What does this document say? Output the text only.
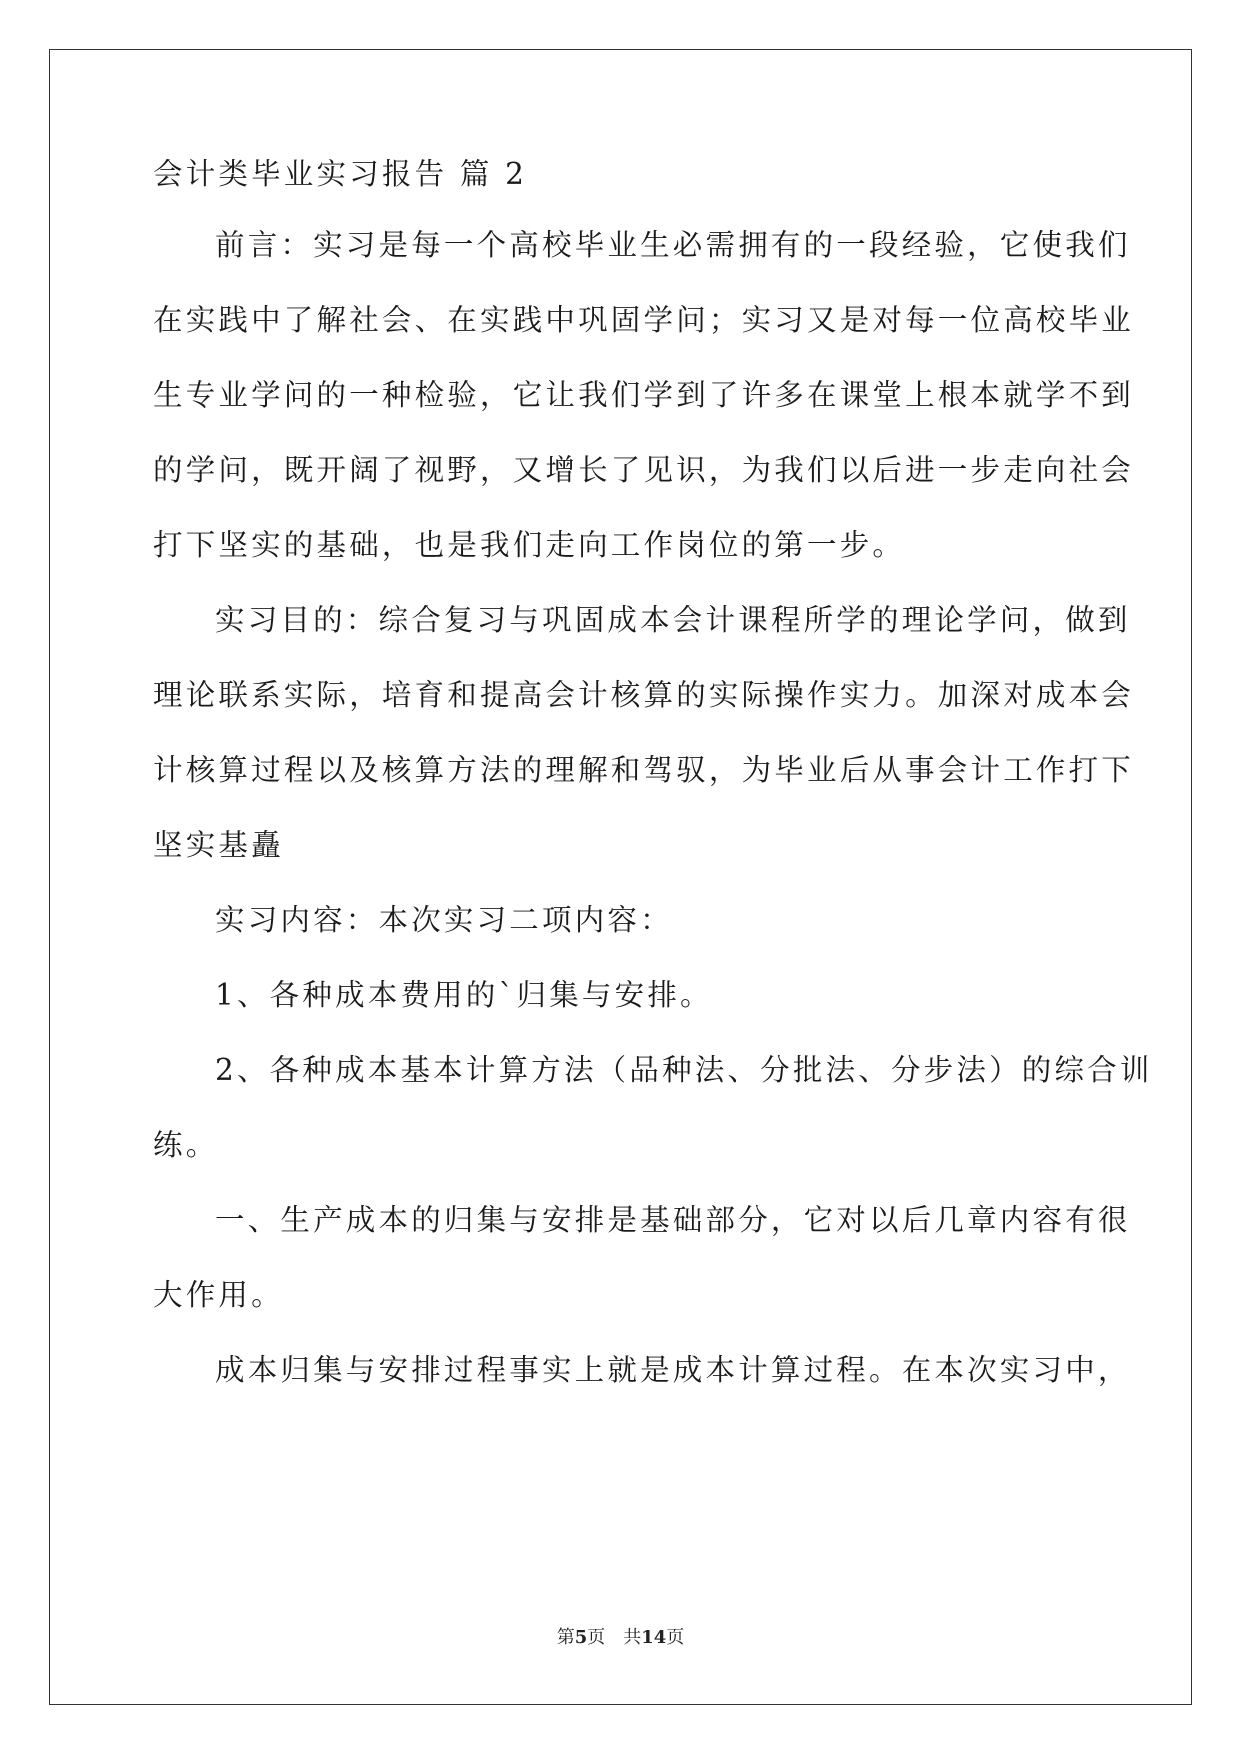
会计类毕业实习报告 篇 2
前言：实习是每一个高校毕业生必需拥有的一段经验，它使我们
在实践中了解社会、在实践中巩固学问；实习又是对每一位高校毕业
生专业学问的一种检验，它让我们学到了许多在课堂上根本就学不到
的学问，既开阔了视野，又增长了见识，为我们以后进一步走向社会
打下坚实的基础，也是我们走向工作岗位的第一步。
实习目的：综合复习与巩固成本会计课程所学的理论学问，做到
理论联系实际，培育和提高会计核算的实际操作实力。加深对成本会
计核算过程以及核算方法的理解和驾驭，为毕业后从事会计工作打下
坚实基矗
实习内容：本次实习二项内容：
1、各种成本费用的`归集与安排。
2、各种成本基本计算方法（品种法、分批法、分步法）的综合训
练。
一、生产成本的归集与安排是基础部分，它对以后几章内容有很
大作用。
成本归集与安排过程事实上就是成本计算过程。在本次实习中，
第5页　共14页
